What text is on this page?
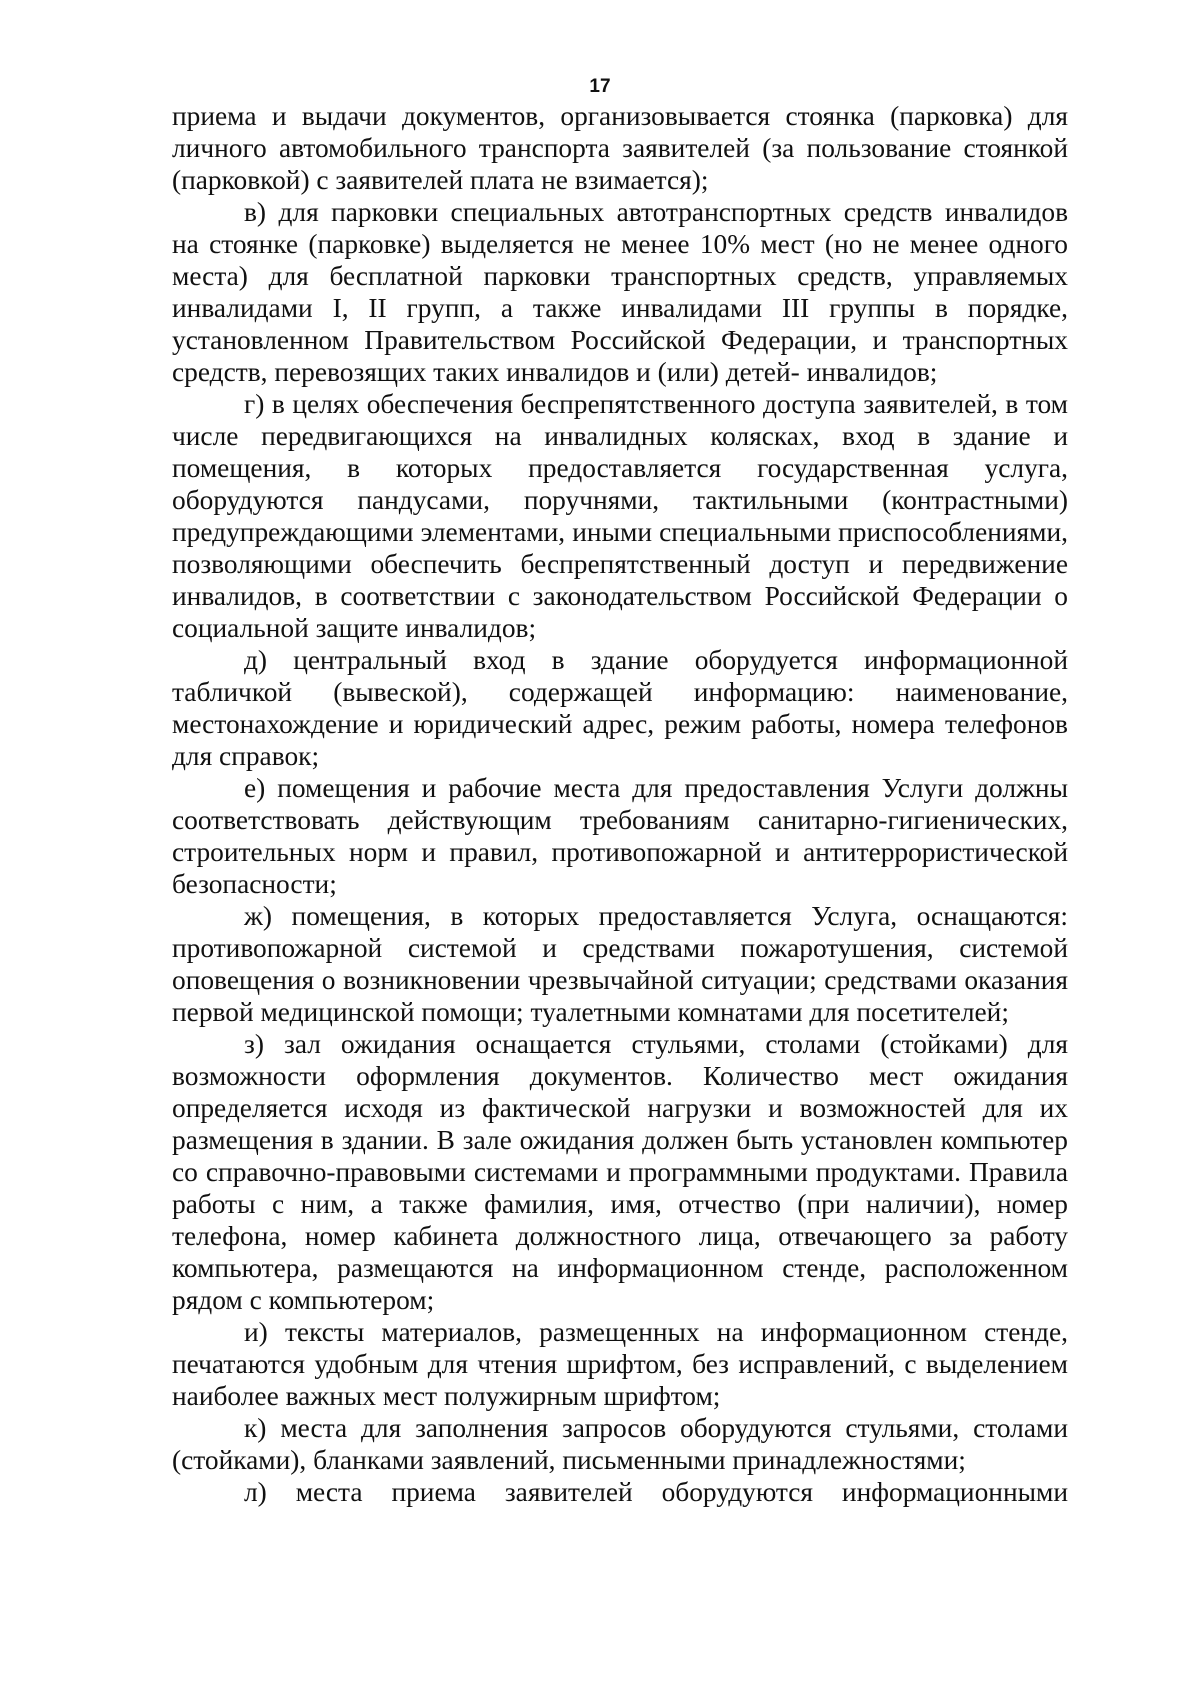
17

приема и выдачи документов, организовывается стоянка (парковка) для личного автомобильного транспорта заявителей (за пользование стоянкой (парковкой) с заявителей плата не взимается);

в) для парковки специальных автотранспортных средств инвалидов на стоянке (парковке) выделяется не менее 10% мест (но не менее одного места) для бесплатной парковки транспортных средств, управляемых инвалидами I, II групп, а также инвалидами III группы в порядке, установленном Правительством Российской Федерации, и транспортных средств, перевозящих таких инвалидов и (или) детей- инвалидов;

г) в целях обеспечения беспрепятственного доступа заявителей, в том числе передвигающихся на инвалидных колясках, вход в здание и помещения, в которых предоставляется государственная услуга, оборудуются пандусами, поручнями, тактильными (контрастными) предупреждающими элементами, иными специальными приспособлениями, позволяющими обеспечить беспрепятственный доступ и передвижение инвалидов, в соответствии с законодательством Российской Федерации о социальной защите инвалидов;

д) центральный вход в здание оборудуется информационной табличкой (вывеской), содержащей информацию: наименование, местонахождение и юридический адрес, режим работы, номера телефонов для справок;

е) помещения и рабочие места для предоставления Услуги должны соответствовать действующим требованиям санитарно-гигиенических, строительных норм и правил, противопожарной и антитеррористической безопасности;

ж) помещения, в которых предоставляется Услуга, оснащаются: противопожарной системой и средствами пожаротушения, системой оповещения о возникновении чрезвычайной ситуации; средствами оказания первой медицинской помощи; туалетными комнатами для посетителей;

з) зал ожидания оснащается стульями, столами (стойками) для возможности оформления документов. Количество мест ожидания определяется исходя из фактической нагрузки и возможностей для их размещения в здании. В зале ожидания должен быть установлен компьютер со справочно-правовыми системами и программными продуктами. Правила работы с ним, а также фамилия, имя, отчество (при наличии), номер телефона, номер кабинета должностного лица, отвечающего за работу компьютера, размещаются на информационном стенде, расположенном рядом с компьютером;

и) тексты материалов, размещенных на информационном стенде, печатаются удобным для чтения шрифтом, без исправлений, с выделением наиболее важных мест полужирным шрифтом;

к) места для заполнения запросов оборудуются стульями, столами (стойками), бланками заявлений, письменными принадлежностями;

л) места приема заявителей оборудуются информационными
